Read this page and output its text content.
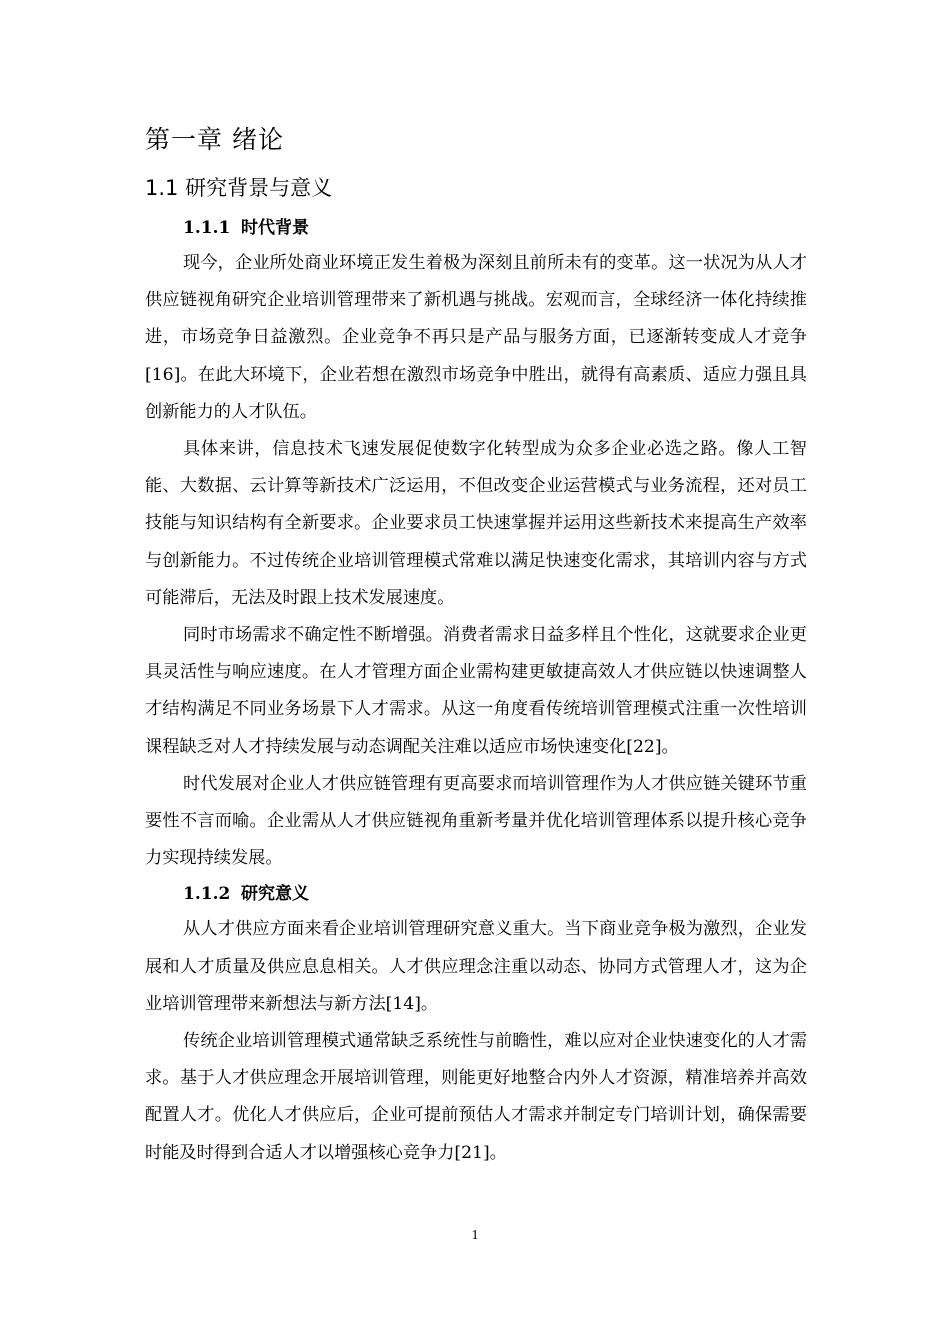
第一章 绪论
1.1 研究背景与意义
1.1.1 时代背景

现今，企业所处商业环境正发生着极为深刻且前所未有的变革。这一状况为从人才供应链视角研究企业培训管理带来了新机遇与挑战。宏观而言，全球经济一体化持续推进，市场竞争日益激烈。企业竞争不再只是产品与服务方面，已逐渐转变成人才竞争[16]。在此大环境下，企业若想在激烈市场竞争中胜出，就得有高素质、适应力强且具创新能力的人才队伍。

具体来讲，信息技术飞速发展促使数字化转型成为众多企业必选之路。像人工智能、大数据、云计算等新技术广泛运用，不但改变企业运营模式与业务流程，还对员工技能与知识结构有全新要求。企业要求员工快速掌握并运用这些新技术来提高生产效率与创新能力。不过传统企业培训管理模式常难以满足快速变化需求，其培训内容与方式可能滞后，无法及时跟上技术发展速度。

同时市场需求不确定性不断增强。消费者需求日益多样且个性化，这就要求企业更具灵活性与响应速度。在人才管理方面企业需构建更敏捷高效人才供应链以快速调整人才结构满足不同业务场景下人才需求。从这一角度看传统培训管理模式注重一次性培训课程缺乏对人才持续发展与动态调配关注难以适应市场快速变化[22]。

时代发展对企业人才供应链管理有更高要求而培训管理作为人才供应链关键环节重要性不言而喻。企业需从人才供应链视角重新考量并优化培训管理体系以提升核心竞争力实现持续发展。

1.1.2 研究意义

从人才供应方面来看企业培训管理研究意义重大。当下商业竞争极为激烈，企业发展和人才质量及供应息息相关。人才供应理念注重以动态、协同方式管理人才，这为企业培训管理带来新想法与新方法[14]。

传统企业培训管理模式通常缺乏系统性与前瞻性，难以应对企业快速变化的人才需求。基于人才供应理念开展培训管理，则能更好地整合内外人才资源，精准培养并高效配置人才。优化人才供应后，企业可提前预估人才需求并制定专门培训计划，确保需要时能及时得到合适人才以增强核心竞争力[21]。

1
